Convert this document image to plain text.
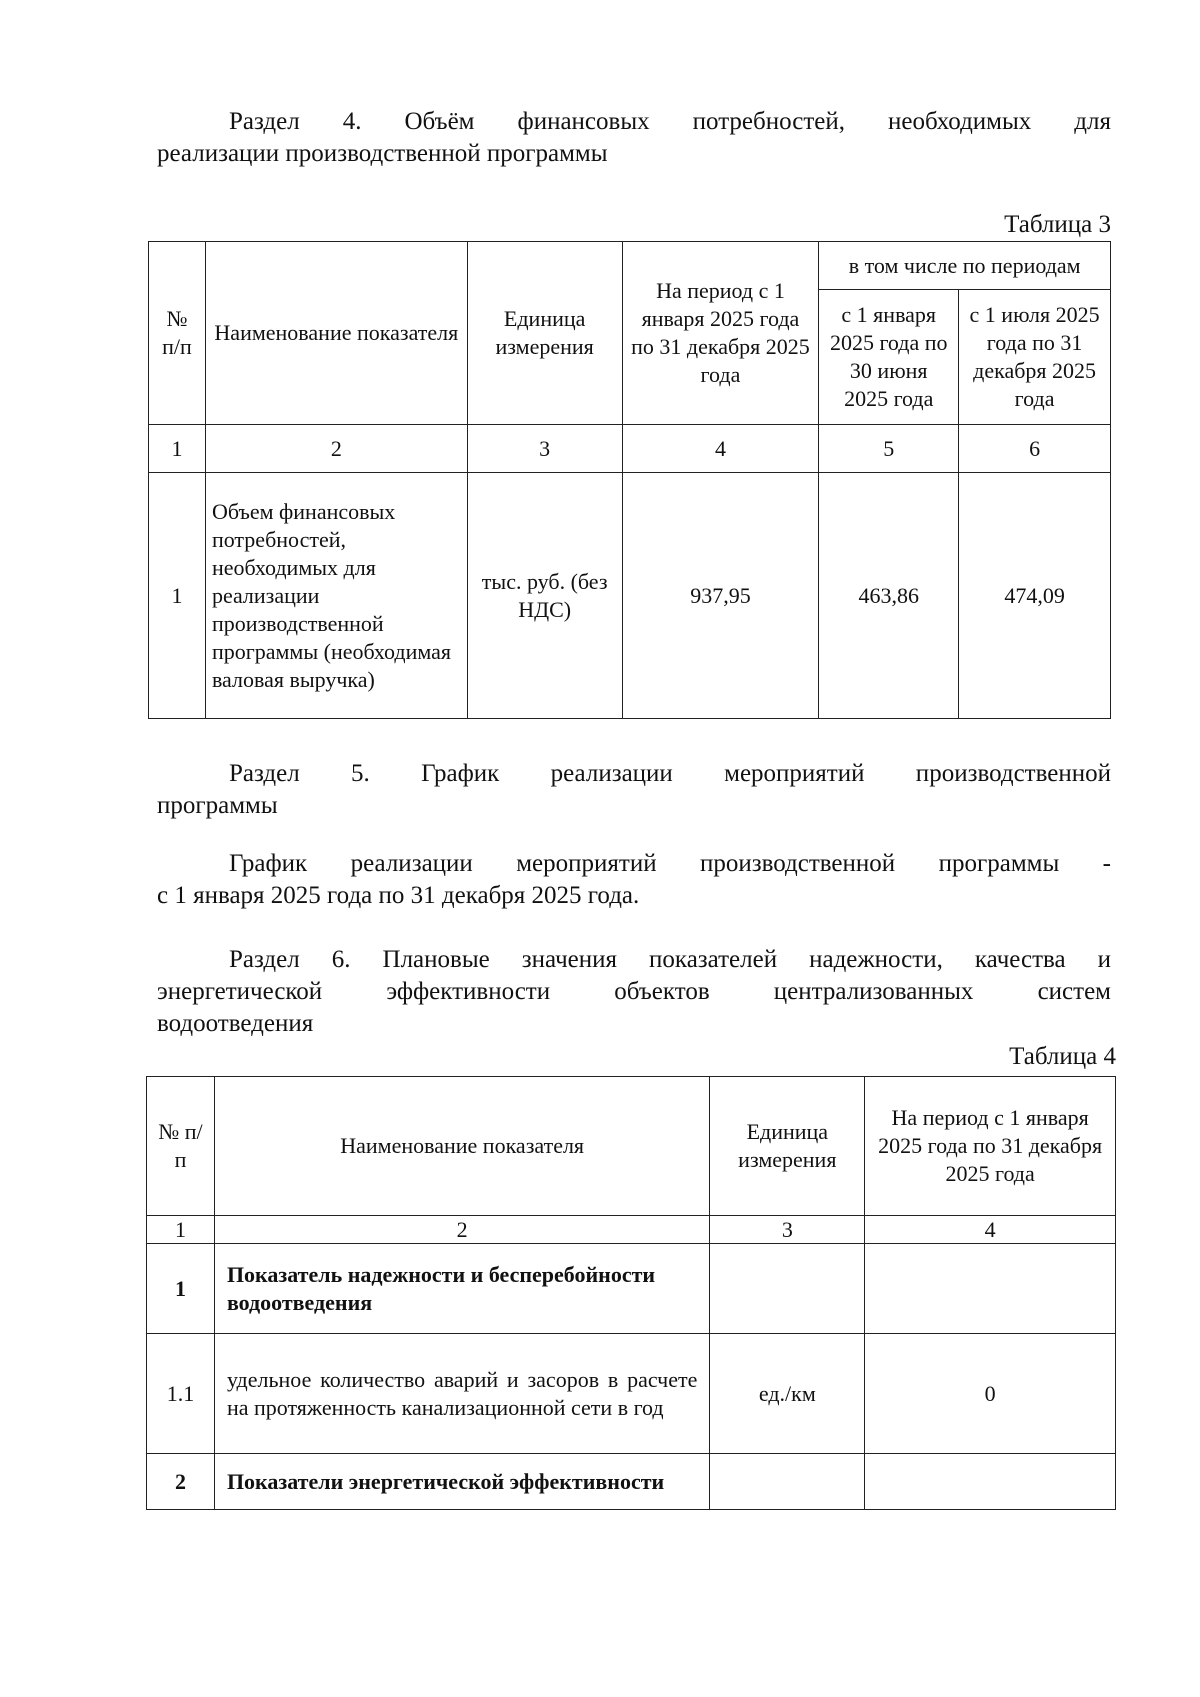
Раздел 4. Объём финансовых потребностей, необходимых для

реализации производственной программы

Таблица 3

№ п/п	Наименование показателя	Единица измерения	На период с 1 января 2025 года по 31 декабря 2025 года	в том числе по периодам	
				с 1 января 2025 года по 30 июня 2025 года	с 1 июля 2025 года по 31 декабря 2025 года
1	2	3	4	5	6
1	Объем финансовых потребностей, необходимых для реализации производственной программы (необходимая валовая выручка)	тыс. руб. (без НДС)	937,95	463,86	474,09

Раздел 5. График реализации мероприятий производственной

программы

График реализации мероприятий производственной программы -

с 1 января 2025 года по 31 декабря 2025 года.

Раздел 6. Плановые значения показателей надежности, качества и

энергетической эффективности объектов централизованных систем

водоотведения

Таблица 4

№ п/п	Наименование показателя	Единица измерения	На период с 1 января 2025 года по 31 декабря 2025 года
1	2	3	4
1	Показатель надежности и бесперебойности водоотведения		
1.1	удельное количество аварий и засоров в расчете на протяженность канализационной сети в год	ед./км	0
2	Показатели энергетической эффективности		
